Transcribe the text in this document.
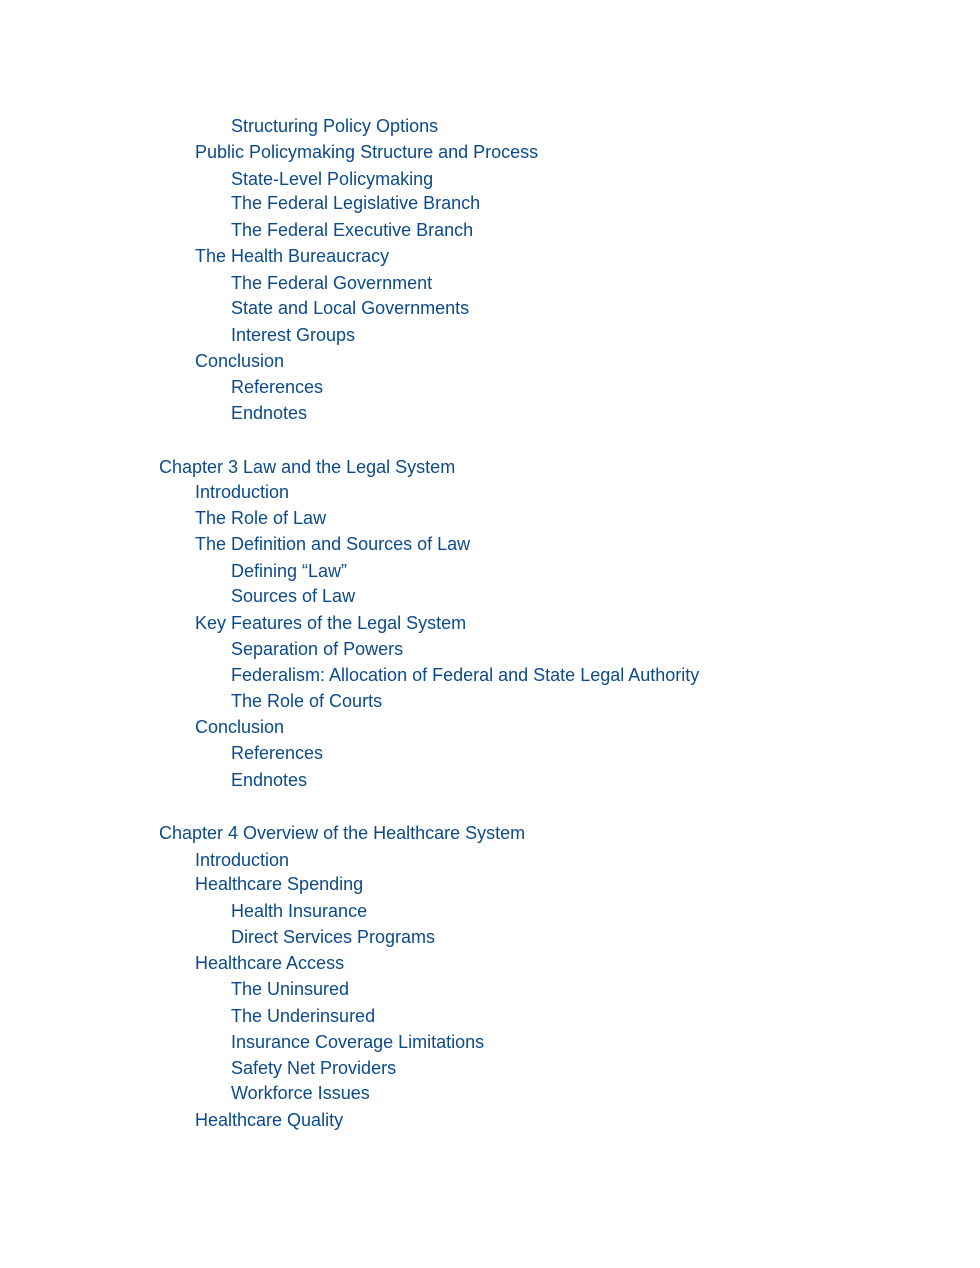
Structuring Policy Options
Public Policymaking Structure and Process
State-Level Policymaking
The Federal Legislative Branch
The Federal Executive Branch
The Health Bureaucracy
The Federal Government
State and Local Governments
Interest Groups
Conclusion
References
Endnotes
Chapter 3 Law and the Legal System
Introduction
The Role of Law
The Definition and Sources of Law
Defining “Law”
Sources of Law
Key Features of the Legal System
Separation of Powers
Federalism: Allocation of Federal and State Legal Authority
The Role of Courts
Conclusion
References
Endnotes
Chapter 4 Overview of the Healthcare System
Introduction
Healthcare Spending
Health Insurance
Direct Services Programs
Healthcare Access
The Uninsured
The Underinsured
Insurance Coverage Limitations
Safety Net Providers
Workforce Issues
Healthcare Quality
